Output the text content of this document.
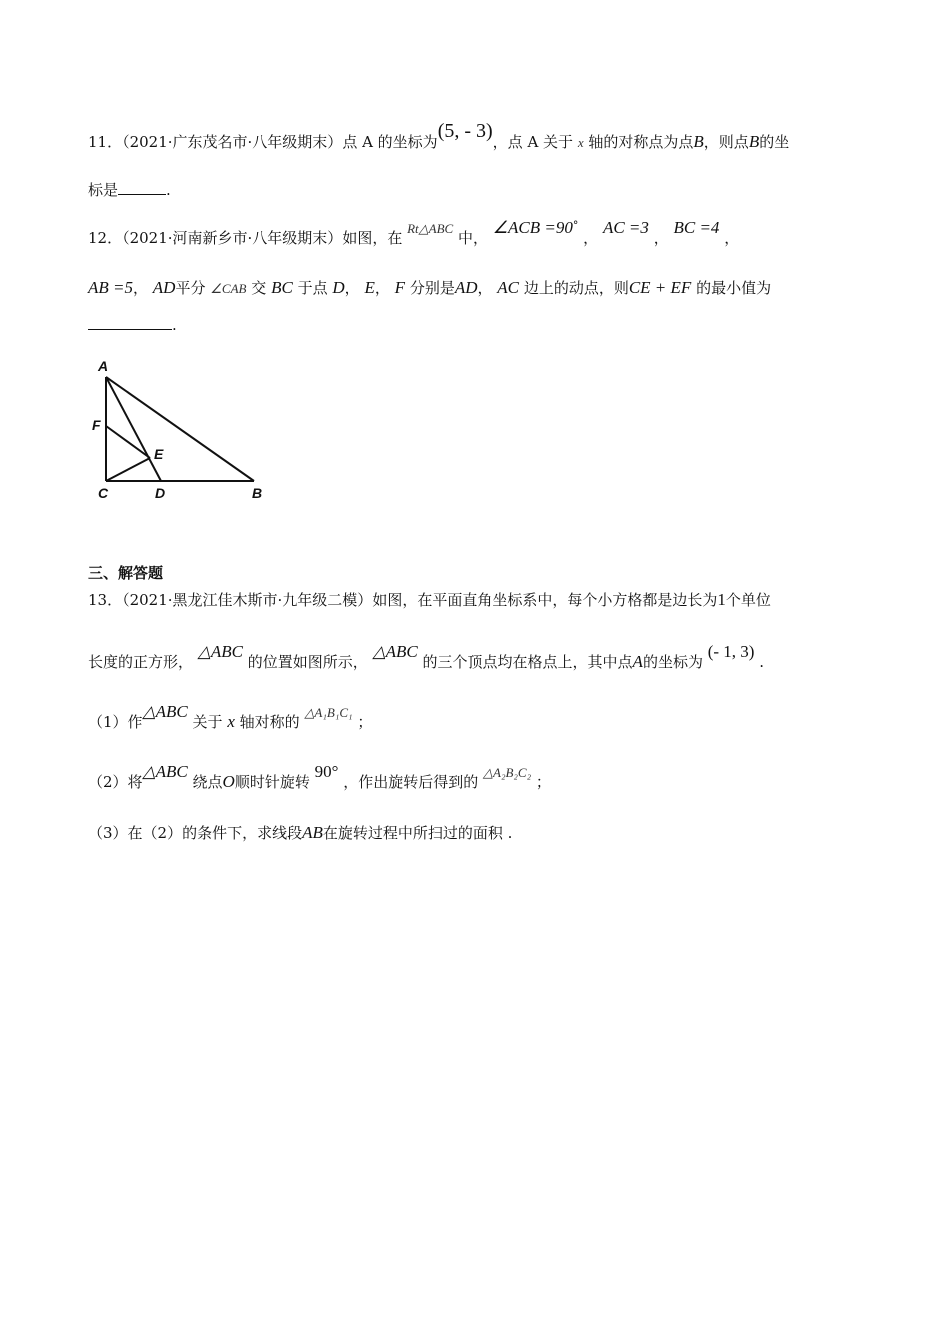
11．（2021·广东茂名市·八年级期末）点 A 的坐标为(5, - 3)，点 A 关于 x 轴的对称点为点B，则点B的坐
标是	.
12．（2021·河南新乡市·八年级期末）如图，在 Rt△ABC 中， ∠ACB =90° ， AC =3 ， BC =4 ，
AB =5， AD平分 ∠CAB 交 BC 于点 D， E， F 分别是AD， AC 边上的动点，则CE + EF 的最小值为
.
A
F
E
C	D	B
三、解答题
13．（2021·黑龙江佳木斯市·九年级二模）如图，在平面直角坐标系中，每个小方格都是边长为1个单位
长度的正方形， △ABC 的位置如图所示， △ABC 的三个顶点均在格点上，其中点A的坐标为 (- 1, 3) .
（1）作△ABC 关于 x 轴对称的 △A₁B₁C₁ ；
（2）将△ABC 绕点O顺时针旋转 90° ，作出旋转后得到的 △A₂B₂C₂ ；
（3）在（2）的条件下，求线段AB在旋转过程中所扫过的面积 .
